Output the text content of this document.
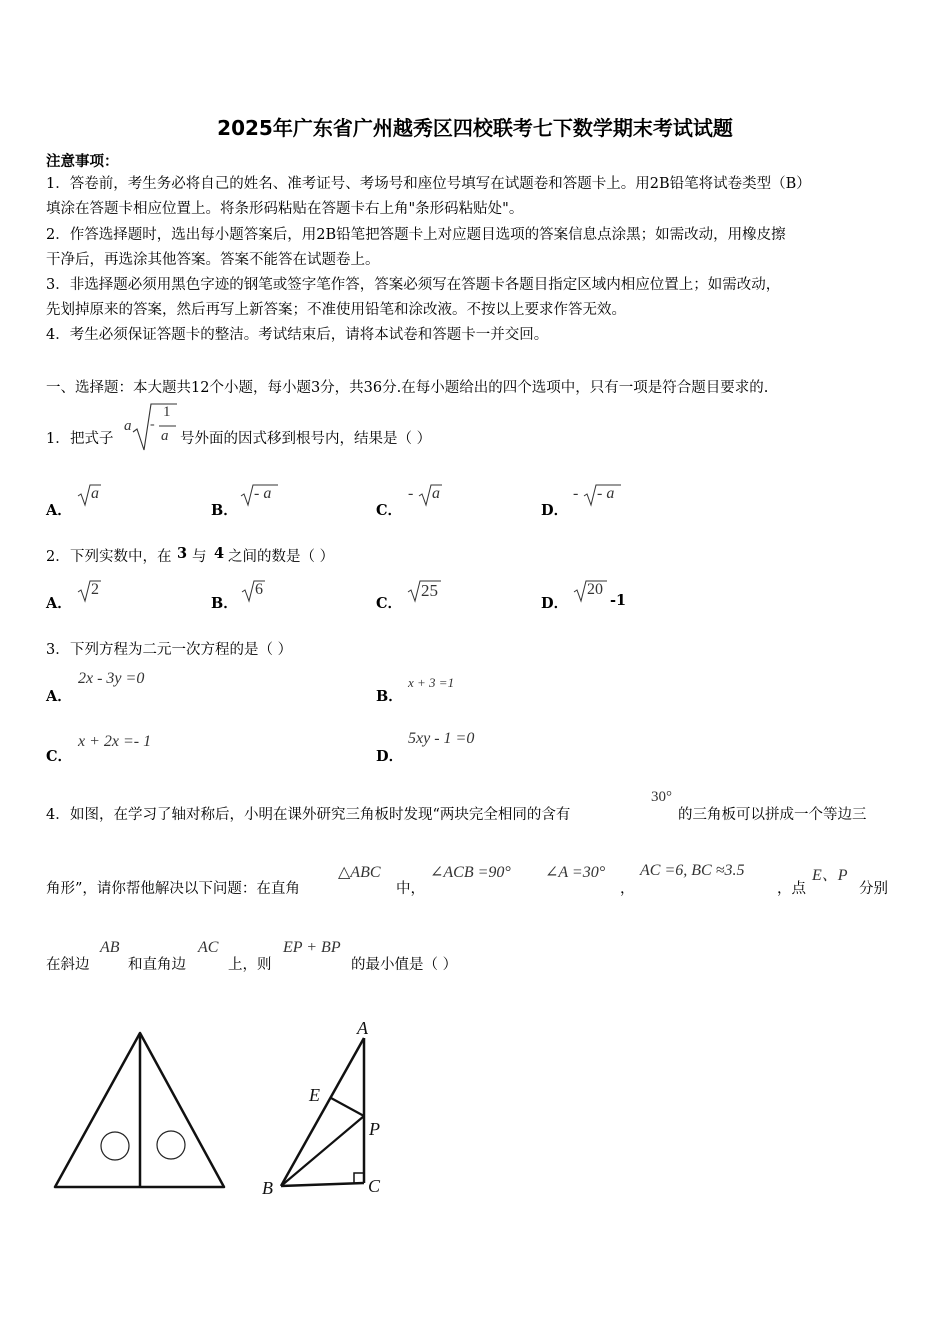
2025年广东省广州越秀区四校联考七下数学期末考试试题
注意事项：
1．答卷前，考生务必将自己的姓名、准考证号、考场号和座位号填写在试题卷和答题卡上。用2B铅笔将试卷类型（B）
填涂在答题卡相应位置上。将条形码粘贴在答题卡右上角"条形码粘贴处"。
2．作答选择题时，选出每小题答案后，用2B铅笔把答题卡上对应题目选项的答案信息点涂黑；如需改动，用橡皮擦
干净后，再选涂其他答案。答案不能答在试题卷上。
3．非选择题必须用黑色字迹的钢笔或签字笔作答，答案必须写在答题卡各题目指定区域内相应位置上；如需改动，
先划掉原来的答案，然后再写上新答案；不准使用铅笔和涂改液。不按以上要求作答无效。
4．考生必须保证答题卡的整洁。考试结束后，请将本试卷和答题卡一并交回。
一、选择题：本大题共12个小题，每小题3分，共36分.在每小题给出的四个选项中，只有一项是符合题目要求的.
1． 把式子
a -
1
a 号外面的因式移到根号内，结果是（ ）
A．
a
B．
- a
C．
- a
D．
- - a
2． 下列实数中，在 3 与 4 之间的数是（ ）
A．
2
B．
6
C．
25
D．
20
-1
3． 下列方程为二元一次方程的是（ ）
A．
2x - 3y =0
B．
x + 3 =1
C．
x + 2x =- 1
D．
5xy - 1 =0
4． 如图，在学习了轴对称后，小明在课外研究三角板时发现“两块完全相同的含有
30°
的三角板可以拼成一个等边三
角形”，请你帮他解决以下问题：在直角
△ABC
中，
∠ACB =90° ∠A =30°
，
AC =6, BC ≈3.5
，点
E、P
分别
在斜边
AB
和直角边
AC
上，则
EP + BP
的最小值是（ ）
A
E
P
B	C
